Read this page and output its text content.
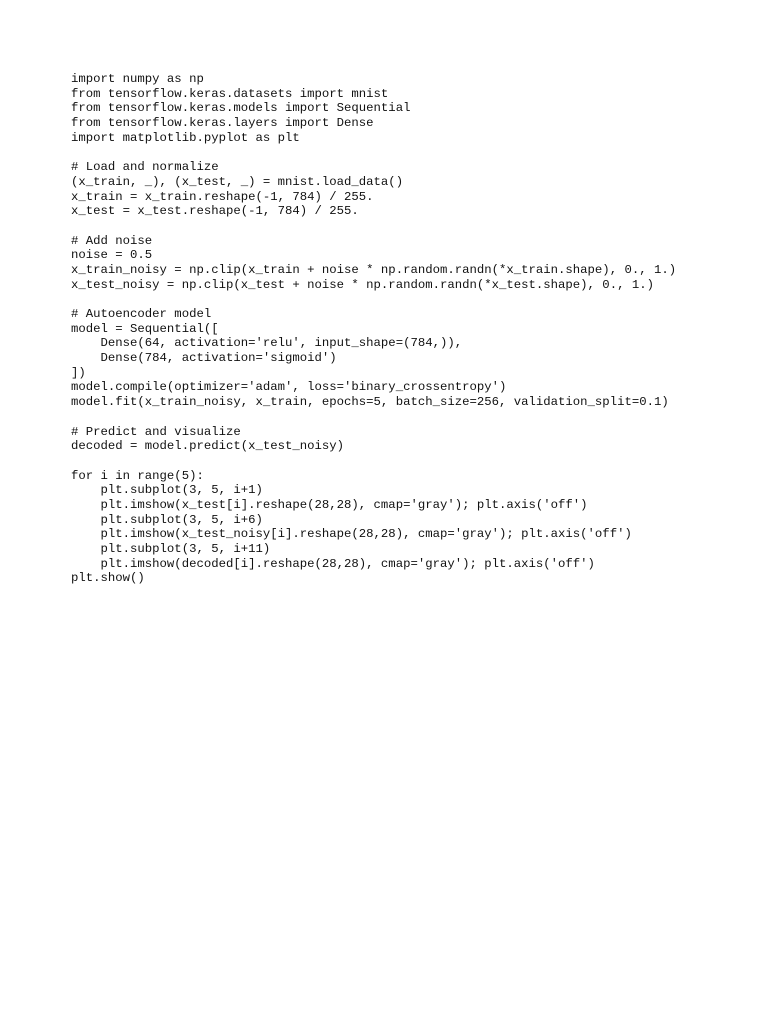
import numpy as np
from tensorflow.keras.datasets import mnist
from tensorflow.keras.models import Sequential
from tensorflow.keras.layers import Dense
import matplotlib.pyplot as plt
# Load and normalize
(x_train, _), (x_test, _) = mnist.load_data()
x_train = x_train.reshape(-1, 784) / 255.
x_test = x_test.reshape(-1, 784) / 255.
# Add noise
noise = 0.5
x_train_noisy = np.clip(x_train + noise * np.random.randn(*x_train.shape), 0., 1.)
x_test_noisy = np.clip(x_test + noise * np.random.randn(*x_test.shape), 0., 1.)
# Autoencoder model
model = Sequential([
Dense(64, activation='relu', input_shape=(784,)),
Dense(784, activation='sigmoid')
])
model.compile(optimizer='adam', loss='binary_crossentropy')
model.fit(x_train_noisy, x_train, epochs=5, batch_size=256, validation_split=0.1)
# Predict and visualize
decoded = model.predict(x_test_noisy)
for i in range(5):
plt.subplot(3, 5, i+1)
plt.imshow(x_test[i].reshape(28,28), cmap='gray'); plt.axis('off')
plt.subplot(3, 5, i+6)
plt.imshow(x_test_noisy[i].reshape(28,28), cmap='gray'); plt.axis('off')
plt.subplot(3, 5, i+11)
plt.imshow(decoded[i].reshape(28,28), cmap='gray'); plt.axis('off')
plt.show()
